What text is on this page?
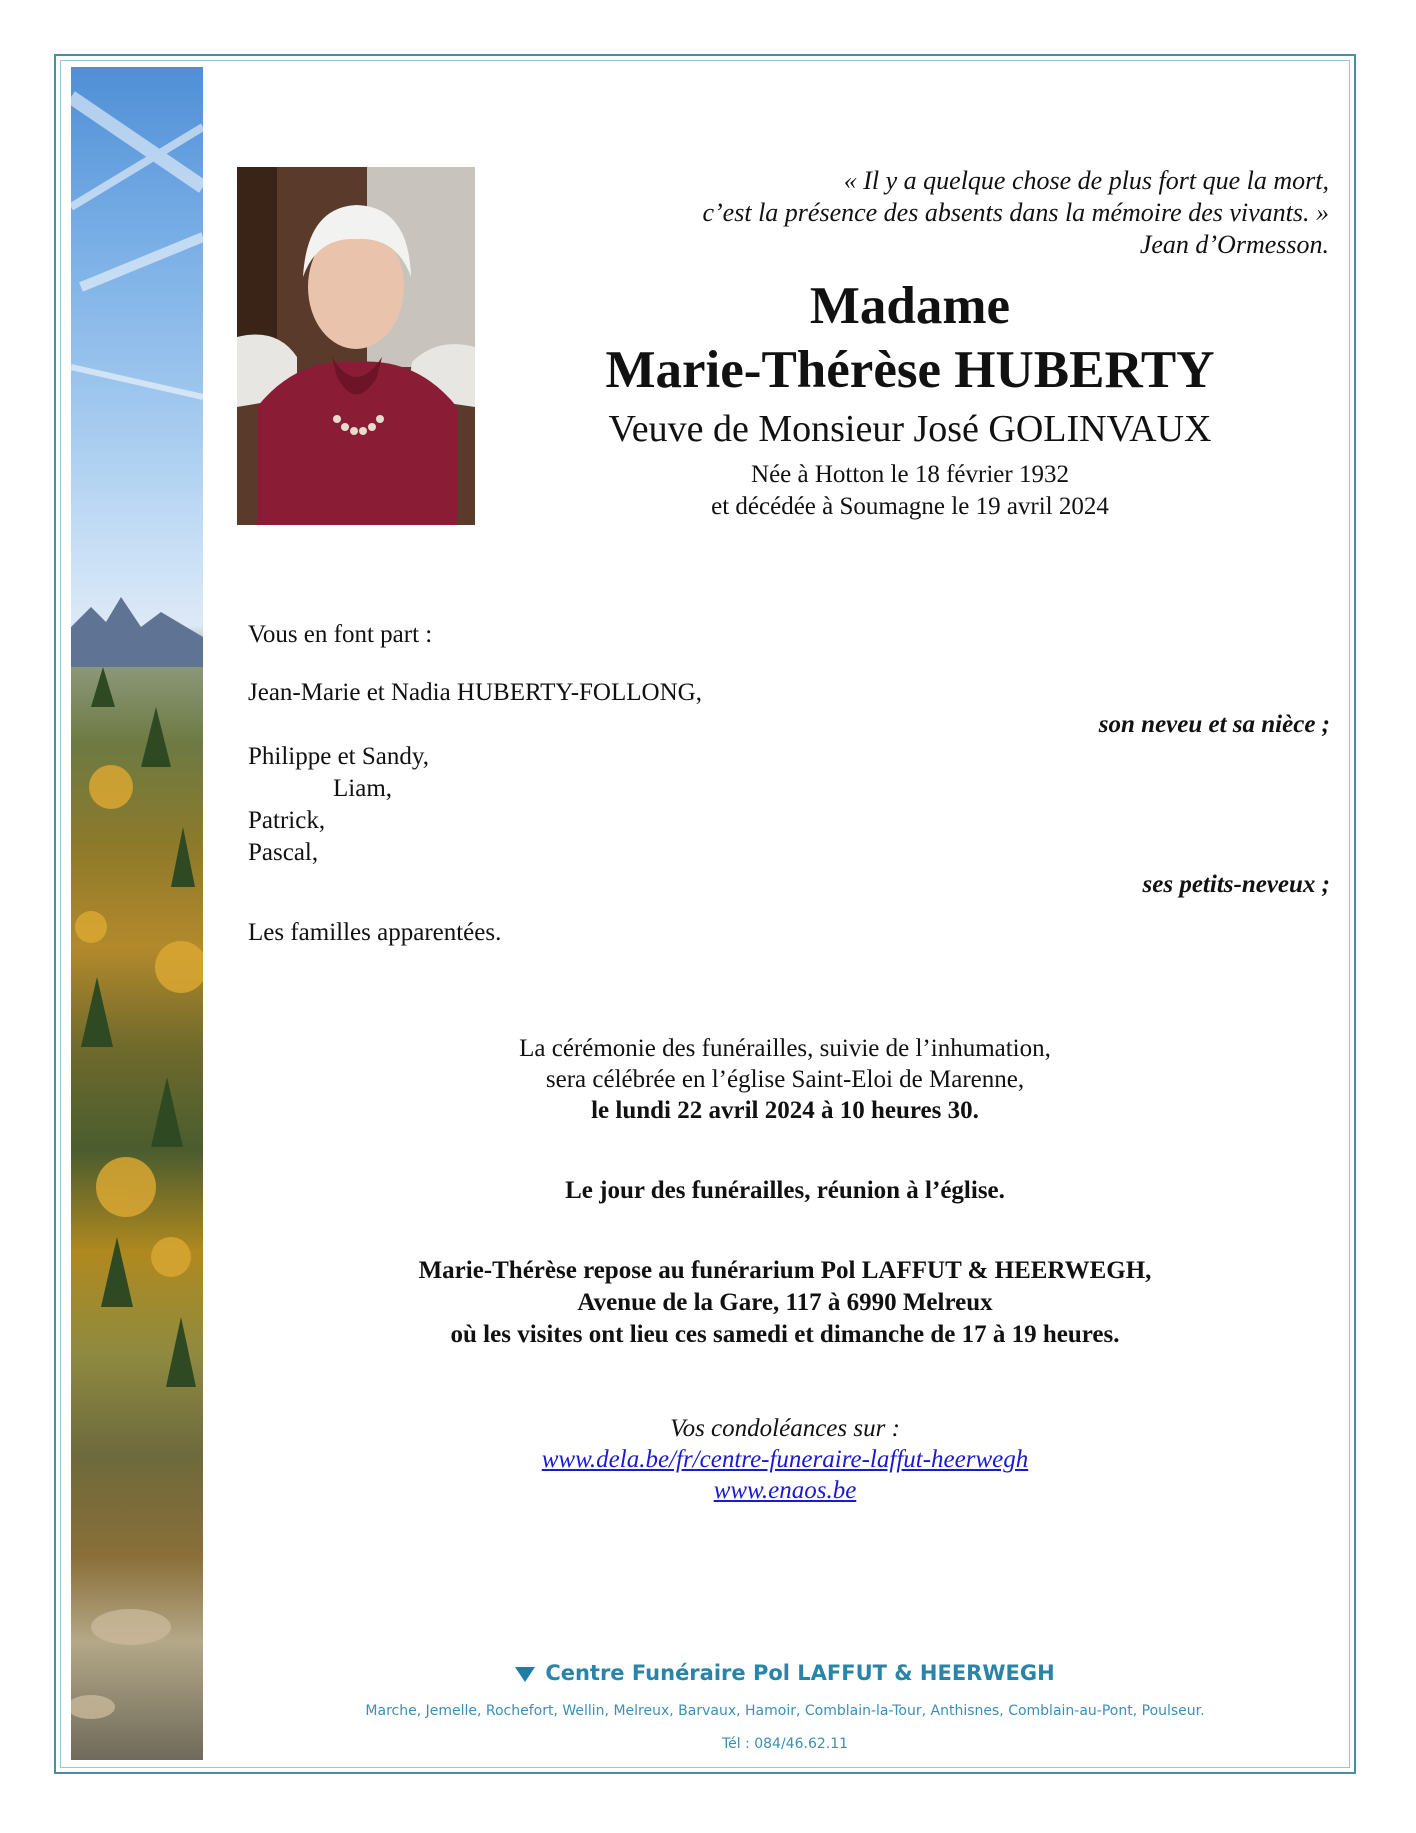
« Il y a quelque chose de plus fort que la mort,
c’est la présence des absents dans la mémoire des vivants. »
Jean d’Ormesson.
Madame
Marie-Thérèse HUBERTY
Veuve de Monsieur José GOLINVAUX
Née à Hotton le 18 février 1932
et décédée à Soumagne le 19 avril 2024
Vous en font part :
Jean-Marie et Nadia HUBERTY-FOLLONG,
son neveu et sa nièce ;
Philippe et Sandy,
Liam,
Patrick,
Pascal,
ses petits-neveux ;
Les familles apparentées.
La cérémonie des funérailles, suivie de l’inhumation,
sera célébrée en l’église Saint-Eloi de Marenne,
le lundi 22 avril 2024 à 10 heures 30.
Le jour des funérailles, réunion à l’église.
Marie-Thérèse repose au funérarium Pol LAFFUT & HEERWEGH,
Avenue de la Gare, 117 à 6990 Melreux
où les visites ont lieu ces samedi et dimanche de 17 à 19 heures.
Vos condoléances sur :
www.dela.be/fr/centre-funeraire-laffut-heerwegh
www.enaos.be
Centre Funéraire Pol LAFFUT & HEERWEGH
Marche, Jemelle, Rochefort, Wellin, Melreux, Barvaux, Hamoir, Comblain-la-Tour, Anthisnes, Comblain-au-Pont, Poulseur.
Tél : 084/46.62.11
